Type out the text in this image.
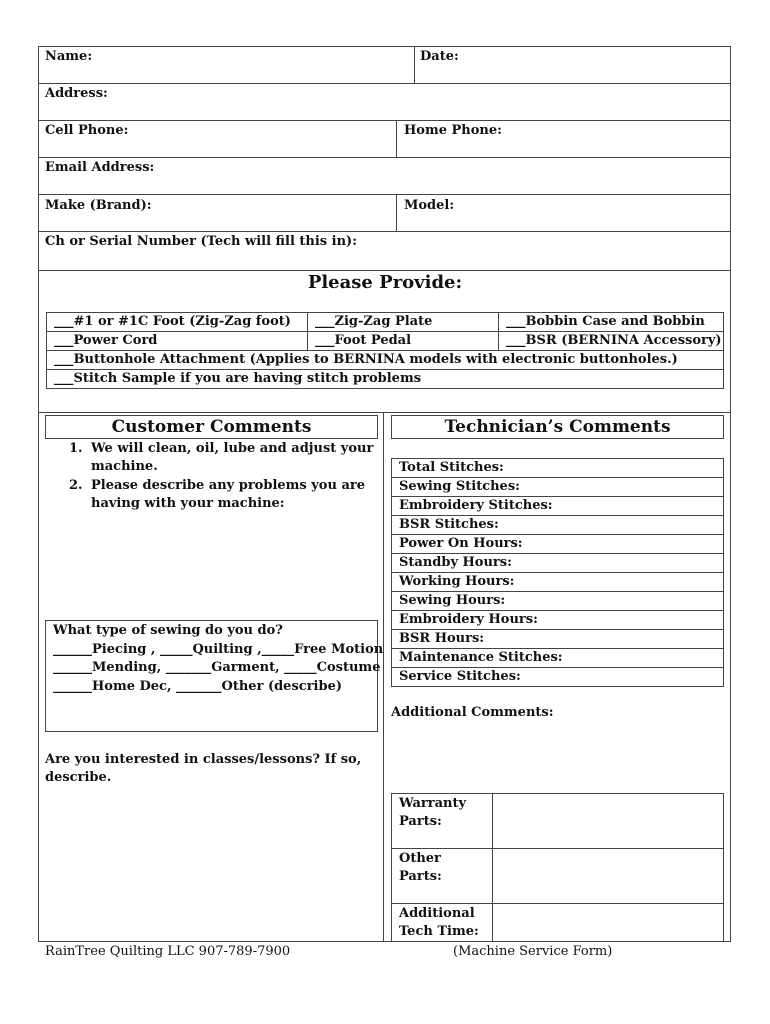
Name:	Date:
Address:
Cell Phone:	Home Phone:
Email Address:
Make (Brand):	Model:
Ch or Serial Number (Tech will fill this in):
Please Provide:
___#1 or #1C Foot (Zig-Zag foot)	___Zig-Zag Plate	___Bobbin Case and Bobbin
___Power Cord	___Foot Pedal	___BSR (BERNINA Accessory)
___Buttonhole Attachment (Applies to BERNINA models with electronic buttonholes.)
___Stitch Sample if you are having stitch problems
Customer Comments
1. We will clean, oil, lube and adjust your
machine.
2. Please describe any problems you are
having with your machine:
What type of sewing do you do?
______Piecing , _____Quilting ,_____Free Motion
______Mending, _______Garment, _____Costume
______Home Dec, _______Other (describe)
Are you interested in classes/lessons? If so,
describe.
Technician’s Comments
Total Stitches:
Sewing Stitches:
Embroidery Stitches:
BSR Stitches:
Power On Hours:
Standby Hours:
Working Hours:
Sewing Hours:
Embroidery Hours:
BSR Hours:
Maintenance Stitches:
Service Stitches:
Additional Comments:
Warranty
Parts:
Other
Parts:
Additional
Tech Time:
RainTree Quilting LLC 907-789-7900	(Machine Service Form)
